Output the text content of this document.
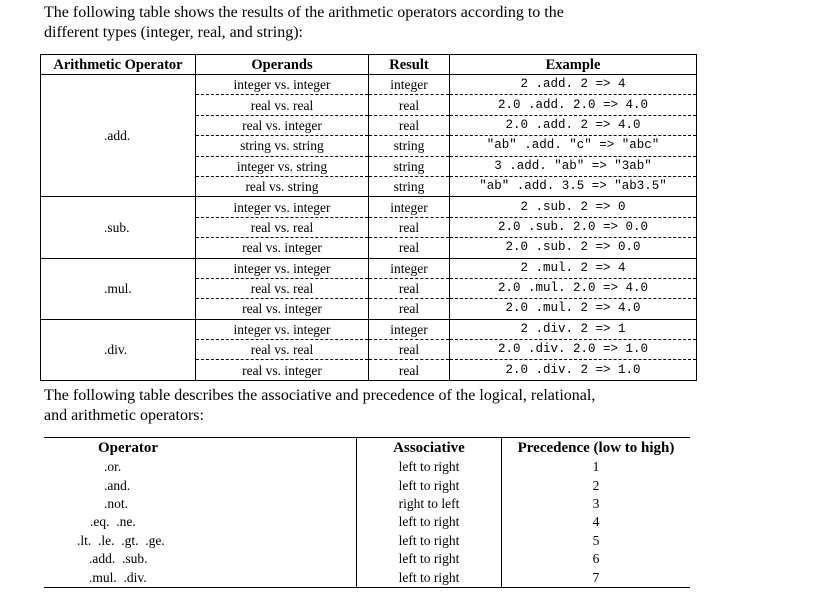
The following table shows the results of the arithmetic operators according to the
different types (integer, real, and string):

Arithmetic Operator	Operands	Result	Example
.add.	integer vs. integer	integer	2 .add. 2 => 4
	real vs. real	real	2.0 .add. 2.0 => 4.0
	real vs. integer	real	2.0 .add. 2 => 4.0
	string vs. string	string	"ab" .add. "c" => "abc"
	integer vs. string	string	3 .add. "ab" => "3ab"
	real vs. string	string	"ab" .add. 3.5 => "ab3.5"
.sub.	integer vs. integer	integer	2 .sub. 2 => 0
	real vs. real	real	2.0 .sub. 2.0 => 0.0
	real vs. integer	real	2.0 .sub. 2 => 0.0
.mul.	integer vs. integer	integer	2 .mul. 2 => 4
	real vs. real	real	2.0 .mul. 2.0 => 4.0
	real vs. integer	real	2.0 .mul. 2 => 4.0
.div.	integer vs. integer	integer	2 .div. 2 => 1
	real vs. real	real	2.0 .div. 2.0 => 1.0
	real vs. integer	real	2.0 .div. 2 => 1.0

The following table describes the associative and precedence of the logical, relational,
and arithmetic operators:

Operator	Associative	Precedence (low to high)
.or.	left to right	1
.and.	left to right	2
.not.	right to left	3
.eq.  .ne.	left to right	4
.lt.  .le.  .gt.  .ge.	left to right	5
.add.  .sub.	left to right	6
.mul.  .div.	left to right	7
